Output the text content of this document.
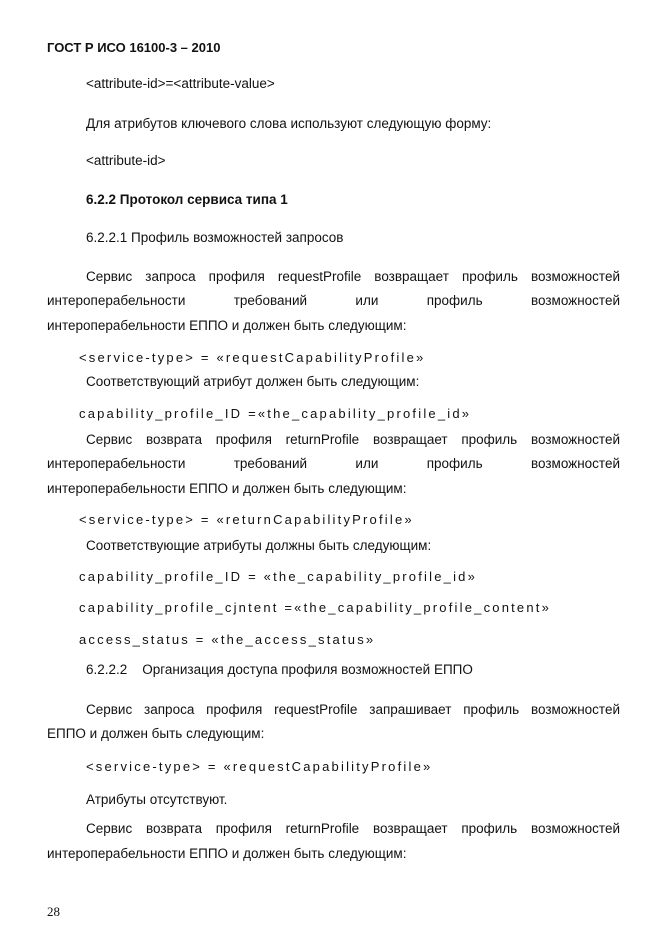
ГОСТ Р ИСО 16100-3 – 2010
<attribute-id>=<attribute-value>
Для атрибутов ключевого слова используют следующую форму:
<attribute-id>
6.2.2 Протокол сервиса типа 1
6.2.2.1 Профиль возможностей запросов
Сервис запроса профиля requestProfile возвращает профиль возможностей
интероперабельности требований или профиль возможностей
интероперабельности ЕППО и должен быть следующим:
<service-type> = «requestCapabilityProfile»
Соответствующий атрибут должен быть следующим:
capability_profile_ID =«the_capability_profile_id»
Сервис возврата профиля returnProfile возвращает профиль возможностей
интероперабельности требований или профиль возможностей
интероперабельности ЕППО и должен быть следующим:
<service-type> = «returnCapabilityProfile»
Соответствующие атрибуты должны быть следующим:
capability_profile_ID = «the_capability_profile_id»
capability_profile_cjntent =«the_capability_profile_content»
access_status = «the_access_status»
6.2.2.2    Организация доступа профиля возможностей ЕППО
Сервис запроса профиля requestProfile запрашивает профиль возможностей
ЕППО и должен быть следующим:
<service-type> = «requestCapabilityProfile»
Атрибуты отсутствуют.
Сервис возврата профиля returnProfile возвращает профиль возможностей
интероперабельности ЕППО и должен быть следующим:
28
